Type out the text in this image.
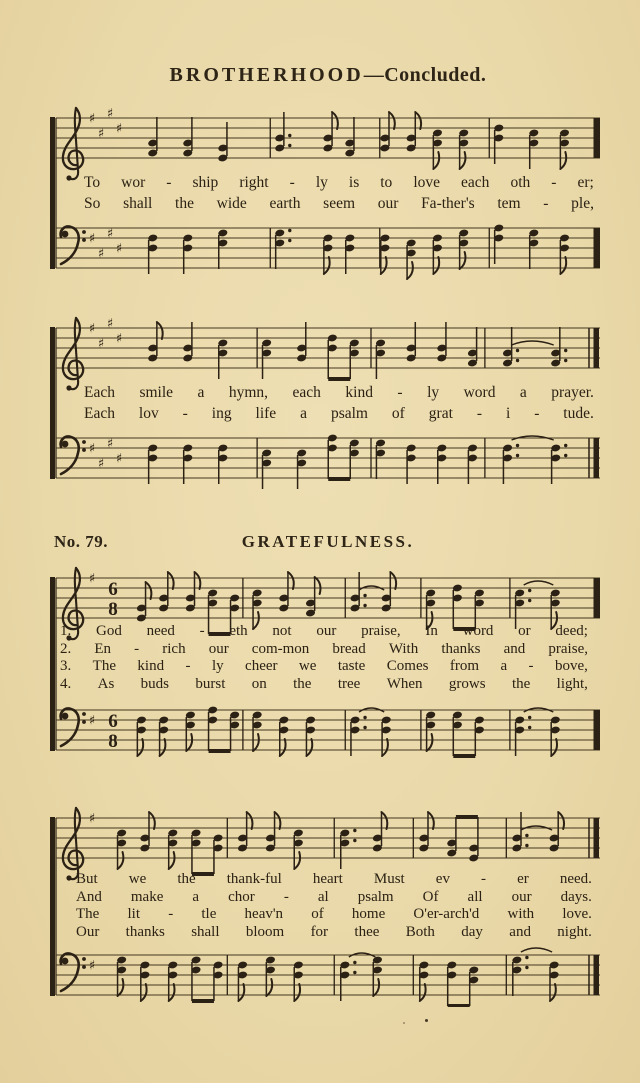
BROTHERHOOD—Concluded.
♯
♯
♯
♯
♯
♯
♯
♯
To wor - ship right - ly is to love each oth - er;
So shall the wide earth seem our Fa-ther's tem - ple,
♯
♯
♯
♯
♯
♯
♯
♯
Each smile a hymn, each kind - ly word a prayer.
Each lov - ing life a psalm of grat - i - tude.
No. 79.	GRATEFULNESS.
♯ 6
8
♯ 6
8
1. God need - eth not our praise, In word or deed;
2. En - rich our com-mon bread With thanks and praise,
3. The kind - ly cheer we taste Comes from a - bove,
4. As buds burst on the tree When grows the light,
♯
♯
But we the thank-ful heart Must ev - er need.
And make a chor - al psalm Of all our days.
The lit - tle heav'n of home O'er-arch'd with love.
Our thanks shall bloom for thee Both day and night.
